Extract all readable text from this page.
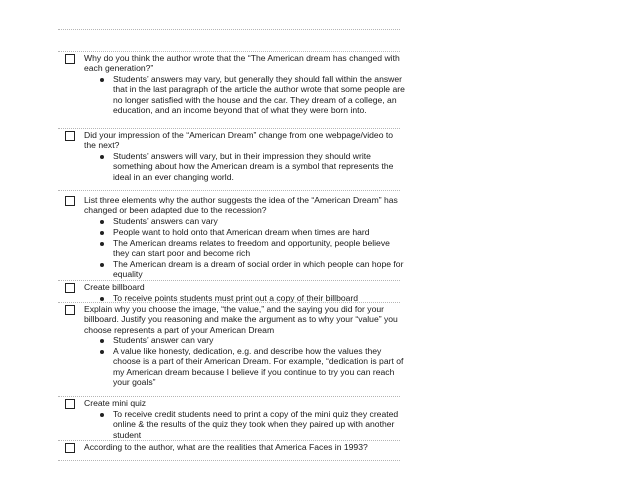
Why do you think the author wrote that the “The American dream has changed with each generation?”
Students’ answers may vary, but generally they should fall within the answer that in the last paragraph of the article the author wrote that some people are no longer satisfied with the house and the car. They dream of a college, an education, and an income beyond that of what they were born into.
Did your impression of the “American Dream” change from one webpage/video to the next?
Students’ answers will vary, but in their impression they should write something about how the American dream is a symbol that represents the ideal in an ever changing world.
List three elements why the author suggests the idea of the “American Dream” has changed or been adapted due to the recession?
Students’ answers can vary
People want to hold onto that American dream when times are hard
The American dreams relates to freedom and opportunity, people believe they can start poor and become rich
The American dream is a dream of social order in which people can hope for equality
Create billboard
To receive points students must print out a copy of their billboard
Explain why you choose the image, “the value,” and the saying you did for your billboard. Justify you reasoning and make the argument as to why your “value” you choose represents a part of your American Dream
Students’ answer can vary
A value like honesty, dedication, e.g. and describe how the values they choose is a part of their American Dream. For example, “dedication is part of my American dream because I believe if you continue to try you can reach your goals”
Create mini quiz
To receive credit students need to print a copy of the mini quiz they created online & the results of the quiz they took when they paired up with another student
According to the author, what are the realities that America Faces in 1993?
